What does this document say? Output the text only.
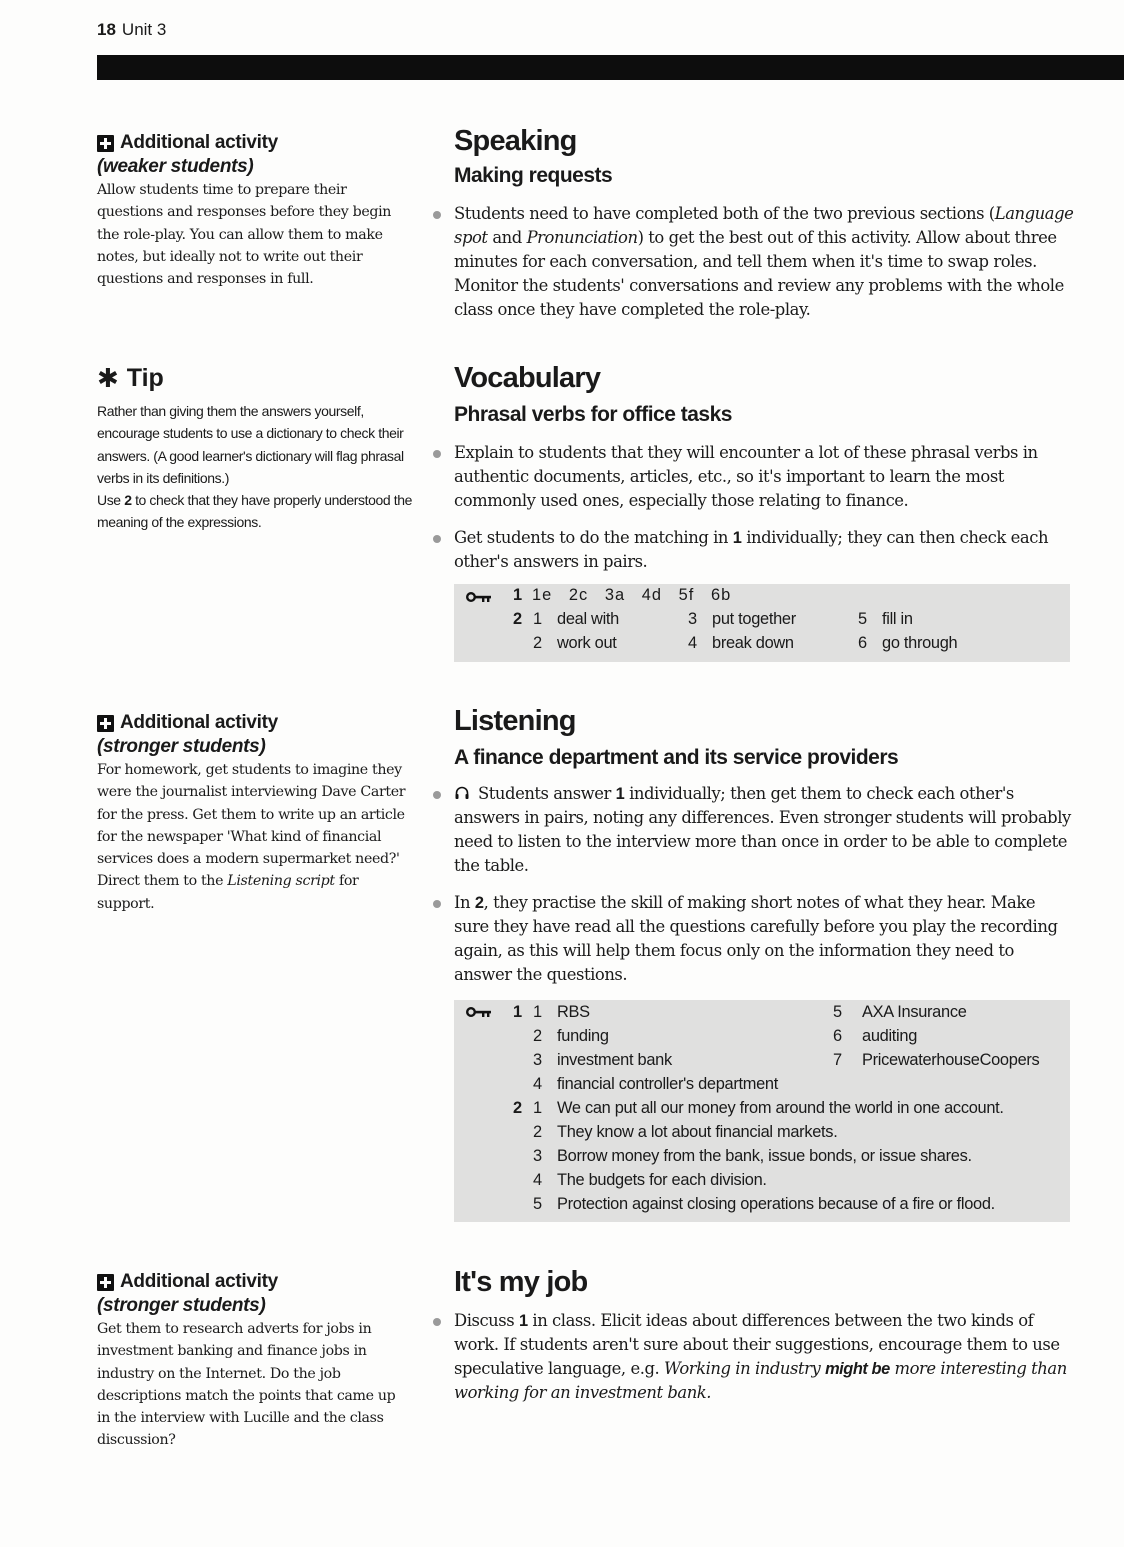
18 Unit 3
Additional activity
(weaker students)

Allow students time to prepare their questions and responses before they begin the role-play. You can allow them to make notes, but ideally not to write out their questions and responses in full.

✱ Tip

Rather than giving them the answers yourself, encourage students to use a dictionary to check their answers. (A good learner's dictionary will flag phrasal verbs in its definitions.)

Use 2 to check that they have properly understood the meaning of the expressions.

Additional activity
(stronger students)

For homework, get students to imagine they were the journalist interviewing Dave Carter for the press. Get them to write up an article for the newspaper 'What kind of financial services does a modern supermarket need?' Direct them to the Listening script for support.

Additional activity
(stronger students)

Get them to research adverts for jobs in investment banking and finance jobs in industry on the Internet. Do the job descriptions match the points that came up in the interview with Lucille and the class discussion?

Speaking
Making requests
Students need to have completed both of the two previous sections (Language spot and Pronunciation) to get the best out of this activity. Allow about three minutes for each conversation, and tell them when it's time to swap roles. Monitor the students' conversations and review any problems with the whole class once they have completed the role-play.
Vocabulary
Phrasal verbs for office tasks
Explain to students that they will encounter a lot of these phrasal verbs in authentic documents, articles, etc., so it's important to learn the most commonly used ones, especially those relating to finance.
Get students to do the matching in 1 individually; they can then check each other's answers in pairs.
1 1e   2c   3a   4d   5f   6b
2 1 deal with
2 work out
3 put together
4 break down
5 fill in
6 go through
Listening
A finance department and its service providers
Students answer 1 individually; then get them to check each other's answers in pairs, noting any differences. Even stronger students will probably need to listen to the interview more than once in order to be able to complete the table.
In 2, they practise the skill of making short notes of what they hear. Make sure they have read all the questions carefully before you play the recording again, as this will help them focus only on the information they need to answer the questions.
1 1 RBS
2 funding
3 investment bank
4 financial controller's department
5 AXA Insurance
6 auditing
7 PricewaterhouseCoopers
2 1 We can put all our money from around the world in one account.
2 They know a lot about financial markets.
3 Borrow money from the bank, issue bonds, or issue shares.
4 The budgets for each division.
5 Protection against closing operations because of a fire or flood.
It's my job
Discuss 1 in class. Elicit ideas about differences between the two kinds of work. If students aren't sure about their suggestions, encourage them to use speculative language, e.g. Working in industry might be more interesting than working for an investment bank.
